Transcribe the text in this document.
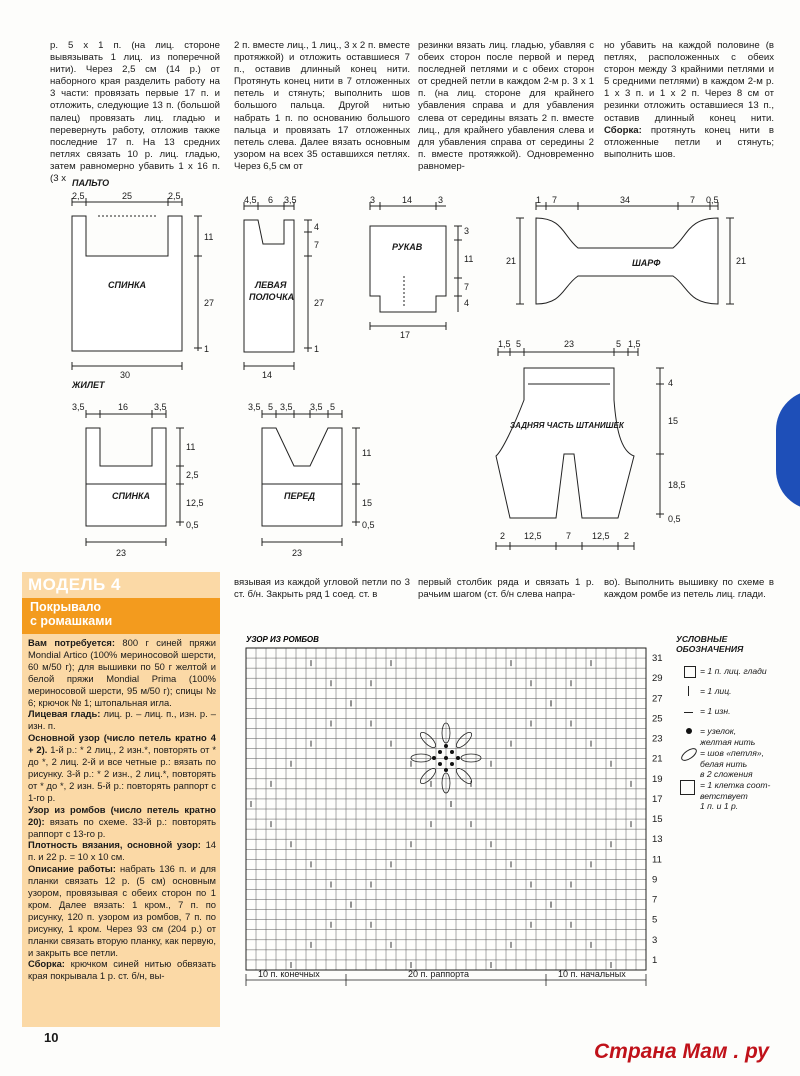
р. 5 х 1 п. (на лиц. стороне вывязывать 1 лиц. из поперечной нити). Через 2,5 см (14 р.) от наборного края разделить работу на 3 части: провязать первые 17 п. и отложить, следующие 13 п. (большой палец) провязать лиц. гладью и перевернуть работу, отложив также последние 17 п. На 13 средних петлях связать 10 р. лиц. гладью, затем равномерно убавить 1 х 16 п. (3 х
2 п. вместе лиц., 1 лиц., 3 х 2 п. вместе протяжкой) и отложить оставшиеся 7 п., оставив длинный конец нити. Протянуть конец нити в 7 отложенных петель и стянуть; выполнить шов большого пальца. Другой нитью набрать 1 п. по основанию большого пальца и провязать 17 отложенных петель слева. Далее вязать основным узором на всех 35 оставшихся петлях. Через 6,5 см от
резинки вязать лиц. гладью, убавляя с обеих сторон после первой и перед последней петлями и с обеих сторон от средней петли в каждом 2-м р. 3 х 1 п. (на лиц. стороне для крайнего убавления справа и для убавления слева от середины вязать 2 п. вместе лиц., для крайнего убавления слева и для убавления справа от середины 2 п. вместе протяжкой). Одновременно равномер-
но убавить на каждой половине (в петлях, расположенных с обеих сторон между 3 крайними петлями и 5 средними петлями) в каждом 2-м р. 1 х 3 п. и 1 х 2 п. Через 8 см от резинки отложить оставшиеся 13 п., оставив длинный конец нити. Сборка: протянуть конец нити в отложенные петли и стянуть; выполнить шов.
ПАЛЬТО
ЖИЛЕТ
СПИНКА	ЛЕВАЯ
ПОЛОЧКА
РУКАВ
ШАРФ
СПИНКА	ПЕРЕД
ЗАДНЯЯ ЧАСТЬ ШТАНИШЕК
2,5	25	2,5
11
27
1
30
4,5 6 3,5
4
7
27
1
14
3	14	3
3
11
7
4
17
1 7	34	7 0,5
21	21
1,5 5	23	5 1,5
4
15
18,5
0,5
2 12,5	7 12,5 2
3,5	16	3,5
11
2,5
12,5
0,5
23
3,5 5 3,5 3,5 5
11
15
0,5
23
МОДЕЛЬ 4
Покрывало
с ромашками

Вам потребуется: 800 г синей пряжи Mondial Artico (100% мериносовой шерсти, 60 м/50 г); для вышивки по 50 г желтой и белой пряжи Mondial Prima (100% мериносовой шерсти, 95 м/50 г); спицы № 6; крючок № 1; штопальная игла.

Лицевая гладь: лиц. р. – лиц. п., изн. р. – изн. п.

Основной узор (число петель кратно 4 + 2). 1-й р.: * 2 лиц., 2 изн.*, повторять от * до *, 2 лиц. 2-й и все четные р.: вязать по рисунку. 3-й р.: * 2 изн., 2 лиц.*, повторять от * до *, 2 изн. 5-й р.: повторять раппорт с 1-го р.

Узор из ромбов (число петель кратно 20): вязать по схеме. 33-й р.: повторять раппорт с 13-го р.

Плотность вязания, основной узор: 14 п. и 22 р. = 10 х 10 см.

Описание работы: набрать 136 п. и для планки связать 12 р. (5 см) основным узором, провязывая с обеих сторон по 1 кром. Далее вязать: 1 кром., 7 п. по рисунку, 120 п. узором из ромбов, 7 п. по рисунку, 1 кром. Через 93 см (204 р.) от планки связать вторую планку, как первую, и закрыть все петли.

Сборка: крючком синей нитью обвязать края покрывала 1 р. ст. б/н, вы-

вязывая из каждой угловой петли по 3 ст. б/н. Закрыть ряд 1 соед. ст. в
первый столбик ряда и связать 1 р. рачьим шагом (ст. б/н слева напра-
во). Выполнить вышивку по схеме в каждом ромбе из петель лиц. глади.
УЗОР ИЗ РОМБОВ
10 п. конечных	20 п. раппорта	10 п. начальных
31
29
27
25
23
21
19
17
15
13
11
9
7
5
3
1
УСЛОВНЫЕ
ОБОЗНАЧЕНИЯ
= 1 п. лиц. глади
= 1 лиц.
= 1 изн.
= узелок,
желтая нить
= шов «петля»,
белая нить
в 2 сложения
= 1 клетка соот-
ветствует
1 п. и 1 р.
10
Страна Мам . ру
